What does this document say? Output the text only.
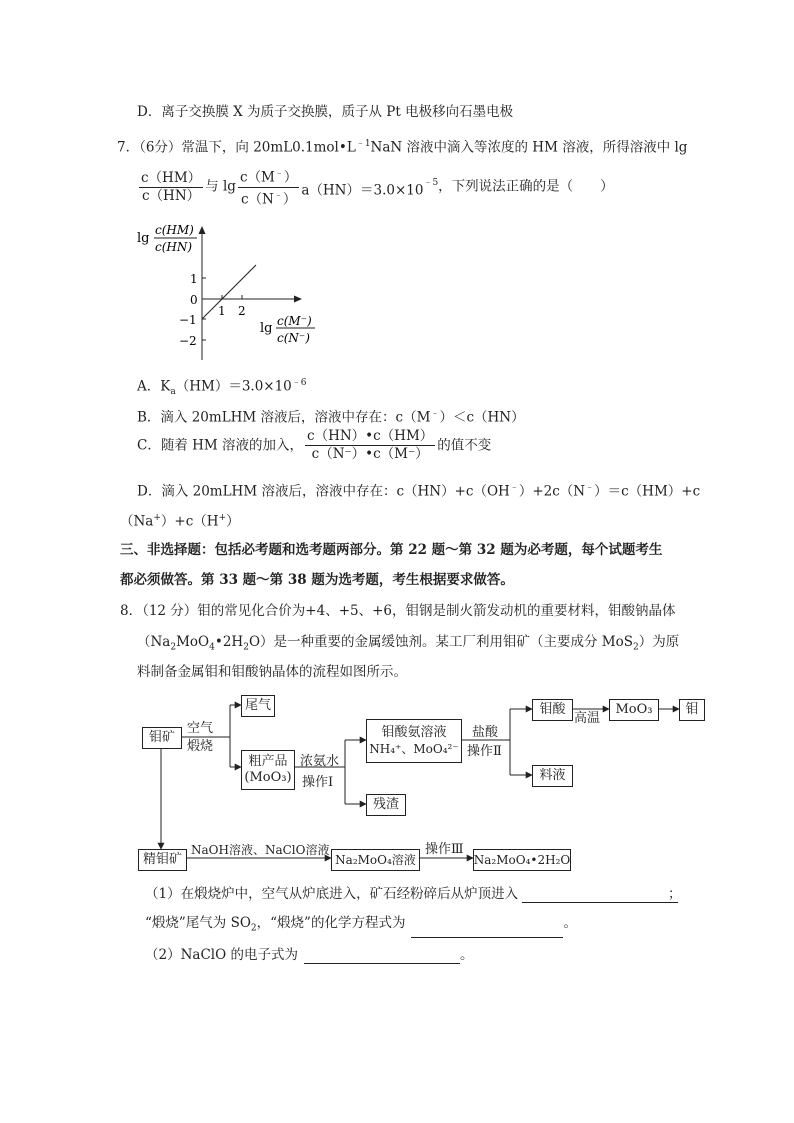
D．离子交换膜 X 为质子交换膜，质子从 Pt 电极移向石墨电极
7．（6分）常温下，向 $20mL0.1mol•L^{﹣1}NaN$ 溶液中滴入等浓度的 HM 溶液，所得溶液中 lg
$\frac{c(HM)}{c(HN)}$ 与 $\lg \frac{c(M^﹣)}{c(N^﹣)} a(HN)=3.0\times 10^{﹣5}$，下列说法正确的是（　　）
lg
c(HM)
c(HN)
1
0
−1
−2
1 2
lg c(M⁻)
c(N⁻)
A．$K_a(HM)=3.0\times 10^{﹣6}$
B．滴入 20mLHM 溶液后，溶液中存在：c（M﹣）＜c（HN）
C．随着 HM 溶液的加入， $\frac{c(HN)•c(HM)}{c(N^-)•c(M^-)}$ 的值不变
D．滴入 20mLHM 溶液后，溶液中存在：c（HN）+c（OH﹣）+2c（N﹣）＝c（HM）+c
（Na+）+c（H+）
三、非选择题：包括必考题和选考题两部分。第 22 题～第 32 题为必考题，每个试题考生
都必须做答。第 33 题～第 38 题为选考题，考生根据要求做答。
8．（12 分）钼的常见化合价为+4、+5、+6，钼钢是制火箭发动机的重要材料，钼酸钠晶体
$(Na_2MoO_4•2H_2O)$是一种重要的金属缓蚀剂。某工厂利用钼矿（主要成分 MoS$_2$）为原
料制备金属钼和钼酸钠晶体的流程如图所示。
钼矿
空气
煅烧
尾气
粗产品
(MoO₃)
浓氨水
操作Ⅰ
钼酸氨溶液
NH₄⁺、MoO₄²⁻
残渣
盐酸
操作Ⅱ
钼酸
高温
MoO₃	钼
料液
精钼矿
NaOH溶液、NaClO溶液
Na₂MoO₄溶液
操作Ⅲ
Na₂MoO₄•2H₂O
（1）在煅烧炉中，空气从炉底进入，矿石经粉碎后从炉顶进入	；
“煅烧”尾气为 $SO_2$，“煅烧”的化学方程式为	。
（2）NaClO 的电子式为	。
